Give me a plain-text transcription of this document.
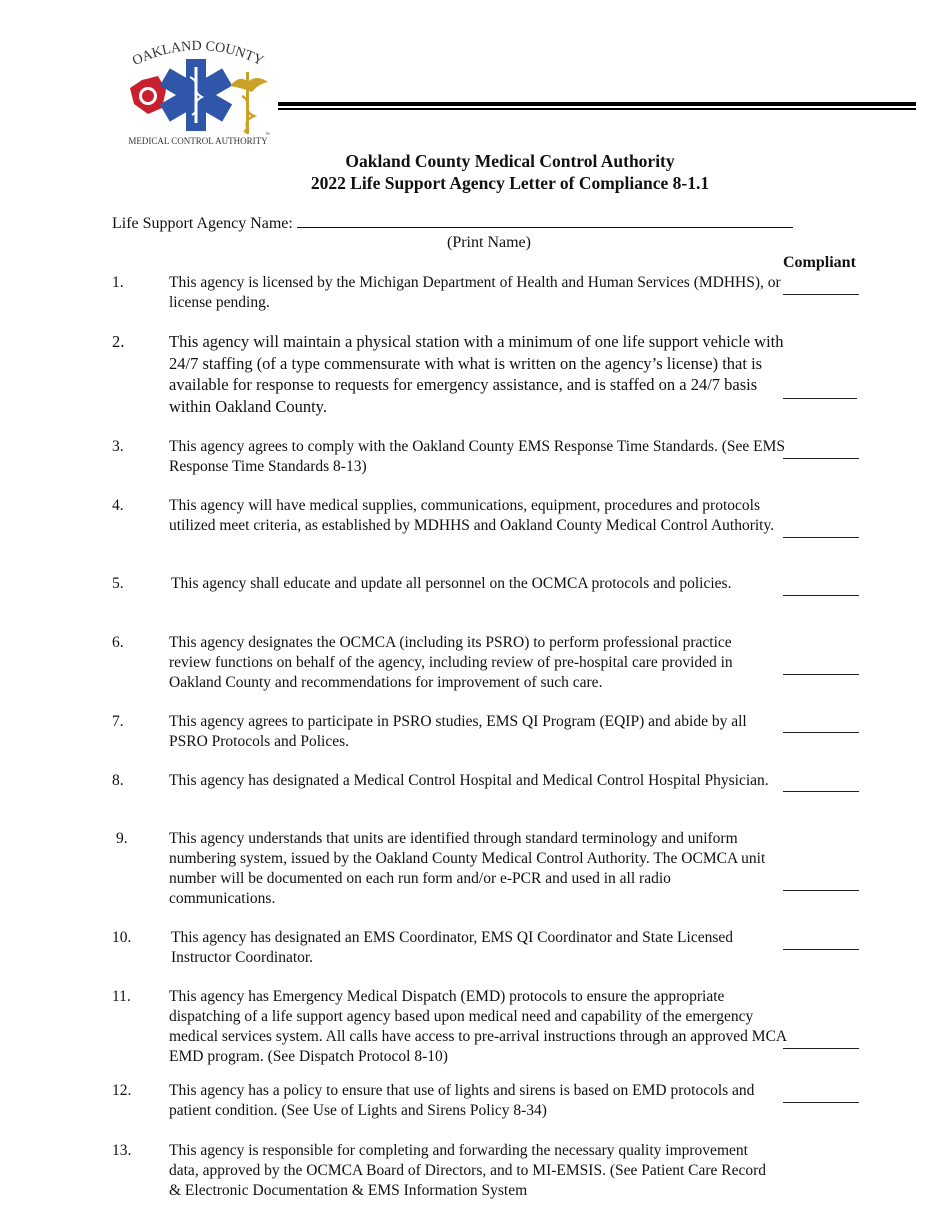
OAKLAND COUNTY
MEDICAL CONTROL AUTHORITY
™
Oakland County Medical Control Authority
2022 Life Support Agency Letter of Compliance 8-1.1
Life Support Agency Name:
(Print Name)
Compliant
1.	This agency is licensed by the Michigan Department of Health and Human Services (MDHHS), or license pending.
2.	This agency will maintain a physical station with a minimum of one life support vehicle with 24/7 staffing (of a type commensurate with what is written on the agency’s license) that is available for response to requests for emergency assistance, and is staffed on a 24/7 basis within Oakland County.
3.	This agency agrees to comply with the Oakland County EMS Response Time Standards. (See EMS Response Time Standards 8-13)
4.	This agency will have medical supplies, communications, equipment, procedures and protocols utilized meet criteria, as established by MDHHS and Oakland County Medical Control Authority.
5.	This agency shall educate and update all personnel on the OCMCA protocols and policies.
6.	This agency designates the OCMCA (including its PSRO) to perform professional practice review functions on behalf of the agency, including review of pre-hospital care provided in Oakland County and recommendations for improvement of such care.
7.	This agency agrees to participate in PSRO studies, EMS QI Program (EQIP) and abide by all PSRO Protocols and Polices.
8.	This agency has designated a Medical Control Hospital and Medical Control Hospital Physician.
9.	This agency understands that units are identified through standard terminology and uniform numbering system, issued by the Oakland County Medical Control Authority. The OCMCA unit number will be documented on each run form and/or e-PCR and used in all radio communications.
10.	This agency has designated an EMS Coordinator, EMS QI Coordinator and State Licensed Instructor Coordinator.
11. This agency has Emergency Medical Dispatch (EMD) protocols to ensure the appropriate dispatching of a life support agency based upon medical need and capability of the emergency medical services system. All calls have access to pre-arrival instructions through an approved MCA EMD program. (See Dispatch Protocol 8-10)
12. This agency has a policy to ensure that use of lights and sirens is based on EMD protocols and patient condition. (See Use of Lights and Sirens Policy 8-34)
13. This agency is responsible for completing and forwarding the necessary quality improvement data, approved by the OCMCA Board of Directors, and to MI-EMSIS. (See Patient Care Record & Electronic Documentation & EMS Information System
